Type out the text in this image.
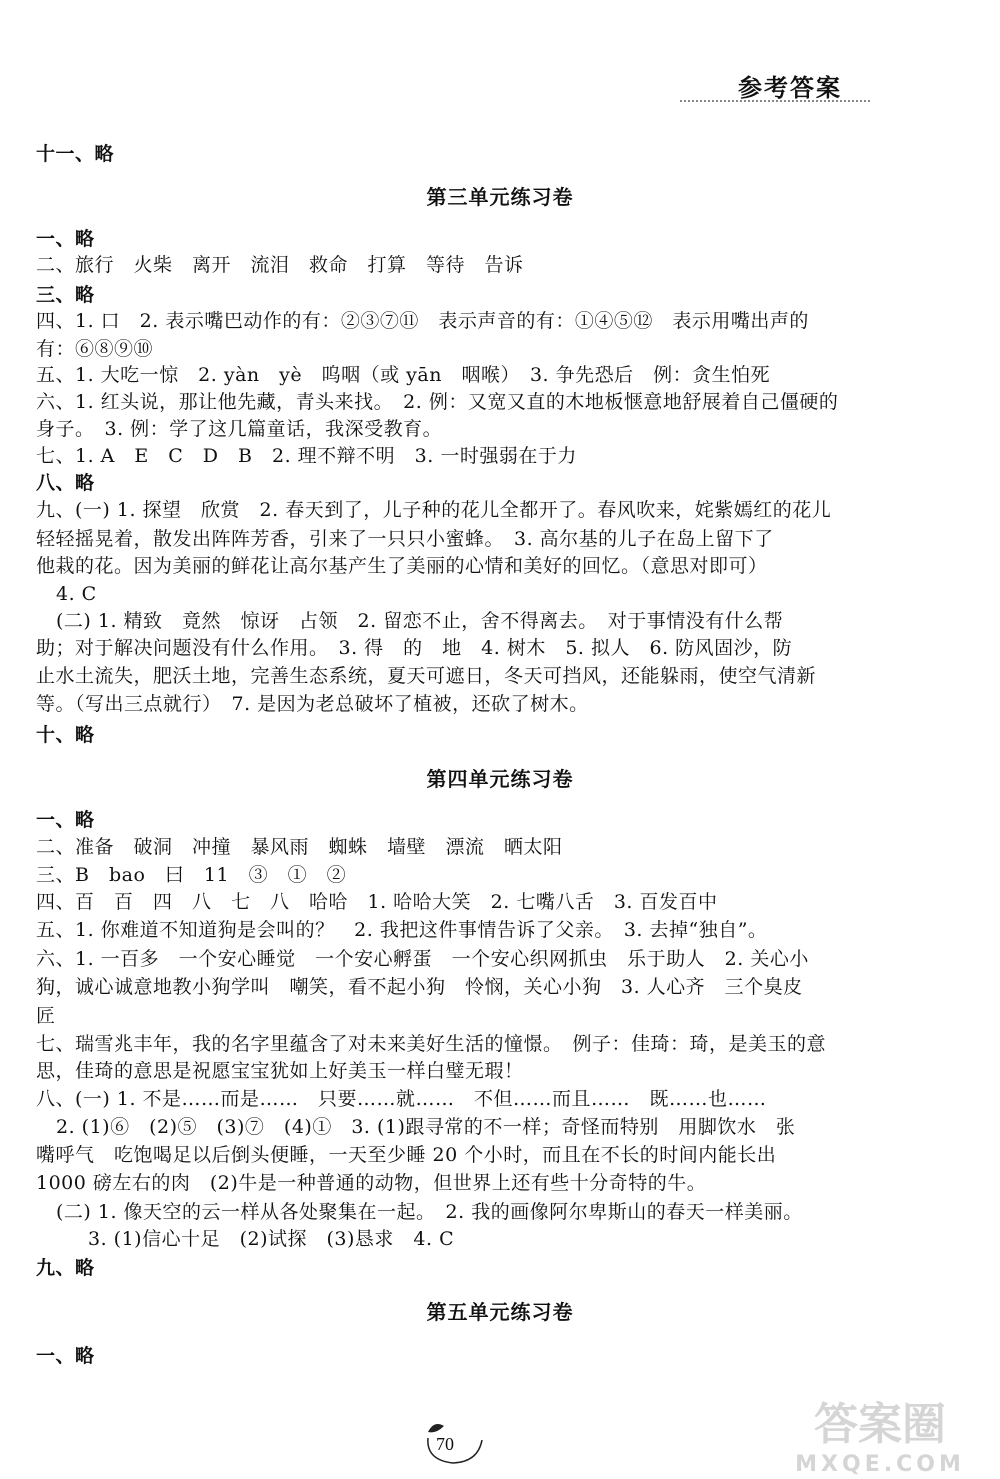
参考答案
十一、略
第三单元练习卷
一、略
二、旅行　火柴　离开　流泪　救命　打算　等待　告诉
三、略
四、1. 口　2. 表示嘴巴动作的有：②③⑦⑪　表示声音的有：①④⑤⑫　表示用嘴出声的
有：⑥⑧⑨⑩
五、1. 大吃一惊　2. yàn　yè　呜咽（或 yān　咽喉）　3. 争先恐后　例：贪生怕死
六、1. 红头说，那让他先藏，青头来找。　2. 例：又宽又直的木地板惬意地舒展着自己僵硬的
身子。　3. 例：学了这几篇童话，我深受教育。
七、1. A　E　C　D　B　2. 理不辩不明　3. 一时强弱在于力
八、略
九、(一) 1. 探望　欣赏　2. 春天到了，儿子种的花儿全都开了。春风吹来，姹紫嫣红的花儿
轻轻摇晃着，散发出阵阵芳香，引来了一只只小蜜蜂。　3. 高尔基的儿子在岛上留下了
他栽的花。因为美丽的鲜花让高尔基产生了美丽的心情和美好的回忆。（意思对即可）
4. C
(二) 1. 精致　竟然　惊讶　占领　2. 留恋不止，舍不得离去。　对于事情没有什么帮
助；对于解决问题没有什么作用。　3. 得　的　地　4. 树木　5. 拟人　6. 防风固沙，防
止水土流失，肥沃土地，完善生态系统，夏天可遮日，冬天可挡风，还能躲雨，使空气清新
等。（写出三点就行）　7. 是因为老总破坏了植被，还砍了树木。
十、略
第四单元练习卷
一、略
二、准备　破洞　冲撞　暴风雨　蜘蛛　墙壁　漂流　晒太阳
三、B　bao　曰　11　③　①　②
四、百　百　四　八　七　八　哈哈　1. 哈哈大笑　2. 七嘴八舌　3. 百发百中
五、1. 你难道不知道狗是会叫的？　2. 我把这件事情告诉了父亲。　3. 去掉“独自”。
六、1. 一百多　一个安心睡觉　一个安心孵蛋　一个安心织网抓虫　乐于助人　2. 关心小
狗，诚心诚意地教小狗学叫　嘲笑，看不起小狗　怜悯，关心小狗　3. 人心齐　三个臭皮
匠
七、瑞雪兆丰年，我的名字里蕴含了对未来美好生活的憧憬。　例子：佳琦：琦，是美玉的意
思，佳琦的意思是祝愿宝宝犹如上好美玉一样白璧无瑕！
八、(一) 1. 不是……而是……　只要……就……　不但……而且……　既……也……
2. (1)⑥　(2)⑤　(3)⑦　(4)①　3. (1)跟寻常的不一样；奇怪而特别　用脚饮水　张
嘴呼气　吃饱喝足以后倒头便睡，一天至少睡 20 个小时，而且在不长的时间内能长出
1000 磅左右的肉　(2)牛是一种普通的动物，但世界上还有些十分奇特的牛。
(二) 1. 像天空的云一样从各处聚集在一起。　2. 我的画像阿尔卑斯山的春天一样美丽。
3. (1)信心十足　(2)试探　(3)恳求　4. C
九、略
第五单元练习卷
一、略
70	答案圈
MXQE.COM
